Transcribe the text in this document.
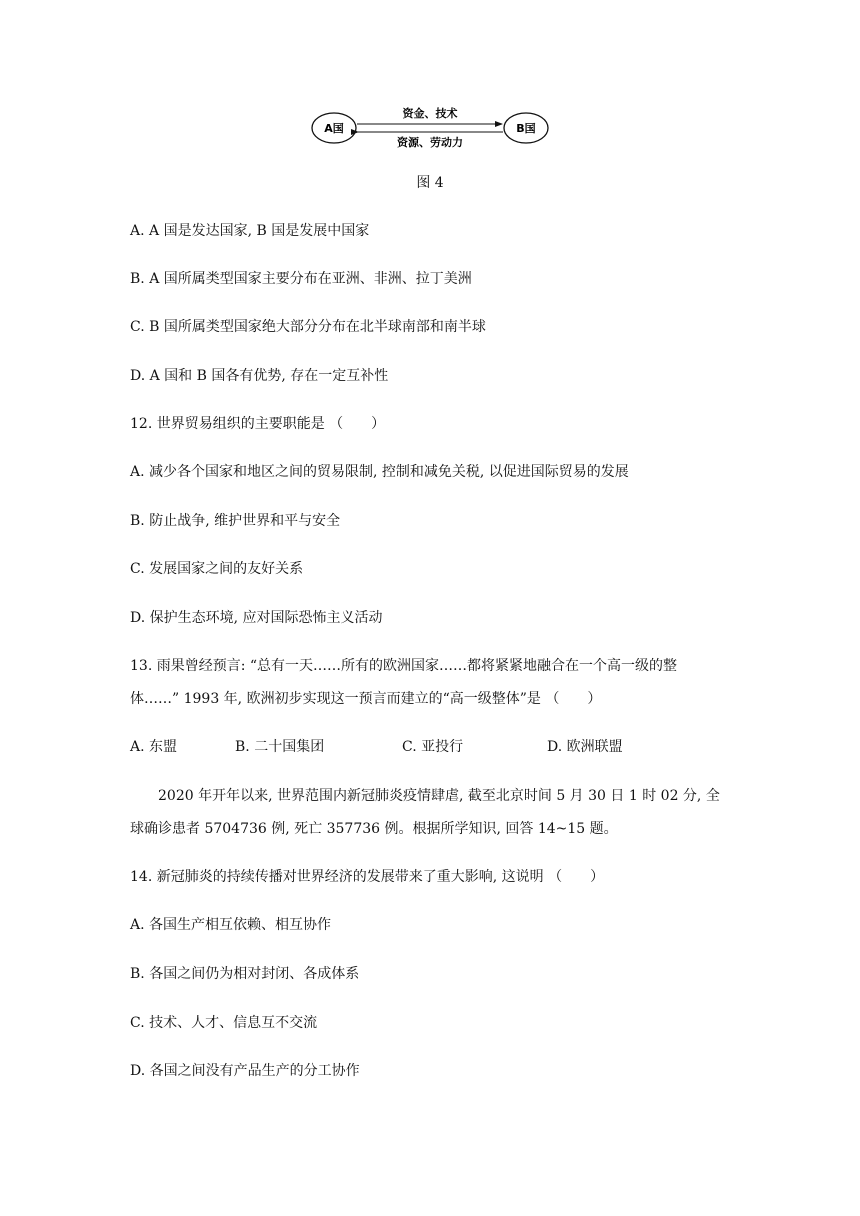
A国	B国
资金、技术
资源、劳动力
图 4
A. A 国是发达国家, B 国是发展中国家
B. A 国所属类型国家主要分布在亚洲、非洲、拉丁美洲
C. B 国所属类型国家绝大部分分布在北半球南部和南半球
D. A 国和 B 国各有优势, 存在一定互补性
12. 世界贸易组织的主要职能是 （　　）
A. 减少各个国家和地区之间的贸易限制, 控制和减免关税, 以促进国际贸易的发展
B. 防止战争, 维护世界和平与安全
C. 发展国家之间的友好关系
D. 保护生态环境, 应对国际恐怖主义活动
13. 雨果曾经预言: “总有一天……所有的欧洲国家……都将紧紧地融合在一个高一级的整
体……” 1993 年, 欧洲初步实现这一预言而建立的“高一级整体”是 （　　）
A. 东盟	B. 二十国集团	C. 亚投行	D. 欧洲联盟
2020 年开年以来, 世界范围内新冠肺炎疫情肆虐, 截至北京时间 5 月 30 日 1 时 02 分, 全
球确诊患者 5704736 例, 死亡 357736 例。根据所学知识, 回答 14~15 题。
14. 新冠肺炎的持续传播对世界经济的发展带来了重大影响, 这说明 （　　）
A. 各国生产相互依赖、相互协作
B. 各国之间仍为相对封闭、各成体系
C. 技术、人才、信息互不交流
D. 各国之间没有产品生产的分工协作
